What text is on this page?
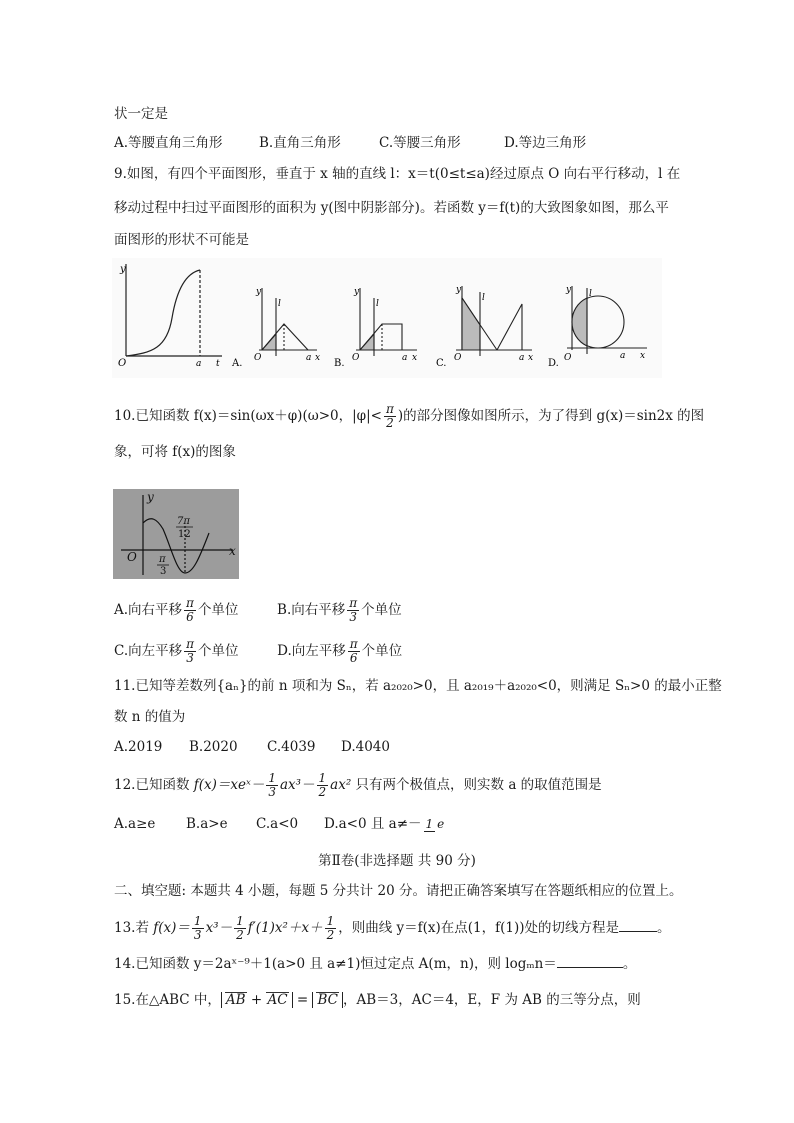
状一定是
A.等腰直角三角形	B.直角三角形	C.等腰三角形	D.等边三角形
9.如图，有四个平面图形，垂直于 x 轴的直线 l：x＝t(0≤t≤a)经过原点 O 向右平行移动，l 在
移动过程中扫过平面图形的面积为 y(图中阴影部分)。若函数 y＝f(t)的大致图象如图，那么平
面图形的形状不可能是
y
O	a t A. O
y
l
a x B. O
y
l
a x C. O
y
l
a x D. O
y l
a x
10.已知函数 f(x)＝sin(ωx＋φ)(ω>0，$|\varphi|< \frac{\pi}{2}$ )的部分图像如图所示，为了得到 g(x)＝sin2x 的图
象，可将 f(x)的图象
y
x
O π
3
7π
12
A.向右平移 $\frac{\pi}{6}$ 个单位	B.向右平移 $\frac{\pi}{3}$ 个单位
C.向左平移 $\frac{\pi}{3}$ 个单位	D.向左平移 $\frac{\pi}{6}$ 个单位
11.已知等差数列{aₙ}的前 n 项和为 Sₙ，若 a₂₀₂₀>0，且 a₂₀₁₉＋a₂₀₂₀<0，则满足 Sₙ>0 的最小正整
数 n 的值为
A.2019 B.2020 C.4039 D.4040
12.已知函数 f(x)＝xeˣ－ $\frac{1}{3} ax^3- \frac{1}{2} ax^2$ 只有两个极值点，则实数 a 的取值范围是
A.a≥e B.a>e C.a<0 D.a<0 且 a≠－ 1 e
第Ⅱ卷(非选择题 共 90 分)
二、填空题: 本题共 4 小题，每题 5 分共计 20 分。请把正确答案填写在答题纸相应的位置上。
13.若 $f(x)= \frac{1}{3} x^3- \frac{1}{2} f'(1)x^2+x+ \frac{1}{2}$ ，则曲线 y＝f(x)在点(1，f(1))处的切线方程是	。
14.已知函数 y＝2aˣ⁻⁹＋1(a>0 且 a≠1)恒过定点 A(m，n)，则 logₘn＝	。
15.在△ABC 中， AB + AC = BC ，AB＝3，AC＝4，E，F 为 AB 的三等分点，则
